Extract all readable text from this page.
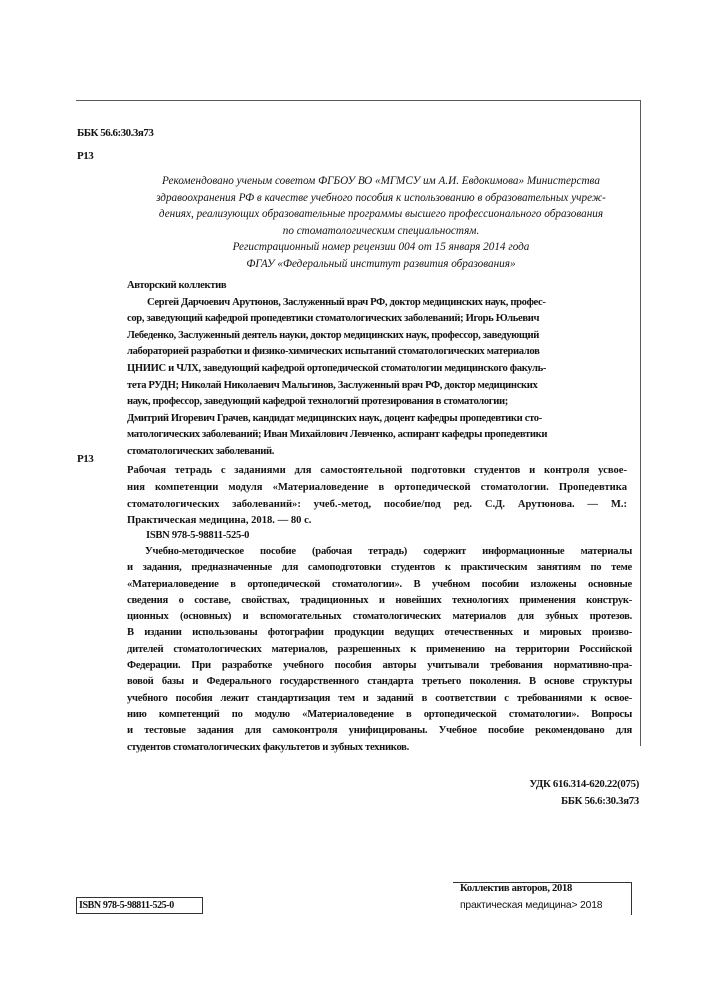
ББК 56.6:30.3я73
Р13
Рекомендовано ученым советом ФГБОУ ВО «МГМСУ им А.И. Евдокимова» Министерства
здравоохранения РФ в качестве учебного пособия к использованию в образовательных учреж-
дениях, реализующих образовательные программы высшего профессионального образования
по стоматологическим специальностям.
Регистрационный номер рецензии 004 от 15 января 2014 года
ФГАУ «Федеральный институт развития образования»
Авторский коллектив
Сергей Дарчоевич Арутюнов, Заслуженный врач РФ, доктор медицинских наук, профес-
сор, заведующий кафедрой пропедевтики стоматологических заболеваний; Игорь Юльевич
Лебеденко, Заслуженный деятель науки, доктор медицинских наук, профессор, заведующий
лабораторией разработки и физико-химических испытаний стоматологических материалов
ЦНИИС и ЧЛХ, заведующий кафедрой ортопедической стоматологии медицинского факуль-
тета РУДН; Николай Николаевич Мальгинов, Заслуженный врач РФ, доктор медицинских
наук, профессор, заведующий кафедрой технологий протезирования в стоматологии;
Дмитрий Игоревич Грачев, кандидат медицинских наук, доцент кафедры пропедевтики сто-
матологических заболеваний; Иван Михайлович Левченко, аспирант кафедры пропедевтики
стоматологических заболеваний.
Р13
Рабочая тетрадь с заданиями для самостоятельной подготовки студентов и контроля усвое-
ния компетенции модуля «Материаловедение в ортопедической стоматологии. Пропедевтика
стоматологических заболеваний»: учеб.-метод, пособие/под ред. С.Д. Арутюнова. — М.:
Практическая медицина, 2018. — 80 с.
ISBN 978-5-98811-525-0
Учебно-методическое пособие (рабочая тетрадь) содержит информационные материалы
и задания, предназначенные для самоподготовки студентов к практическим занятиям по теме
«Материаловедение в ортопедической стоматологии». В учебном пособии изложены основные
сведения о составе, свойствах, традиционных и новейших технологиях применения конструк-
ционных (основных) и вспомогательных стоматологических материалов для зубных протезов.
В издании использованы фотографии продукции ведущих отечественных и мировых произво-
дителей стоматологических материалов, разрешенных к применению на территории Российской
Федерации. При разработке учебного пособия авторы учитывали требования нормативно-пра-
вовой базы и Федерального государственного стандарта третьего поколения. В основе структуры
учебного пособия лежит стандартизация тем и заданий в соответствии с требованиями к освое-
нию компетенций по модулю «Материаловедение в ортопедической стоматологии». Вопросы
и тестовые задания для самоконтроля унифицированы. Учебное пособие рекомендовано для
студентов стоматологических факультетов и зубных техников.
УДК 616.314-620.22(075)
ББК 56.6:30.3я73
ISBN 978-5-98811-525-0
Коллектив авторов, 2018
практическая медицина> 2018
